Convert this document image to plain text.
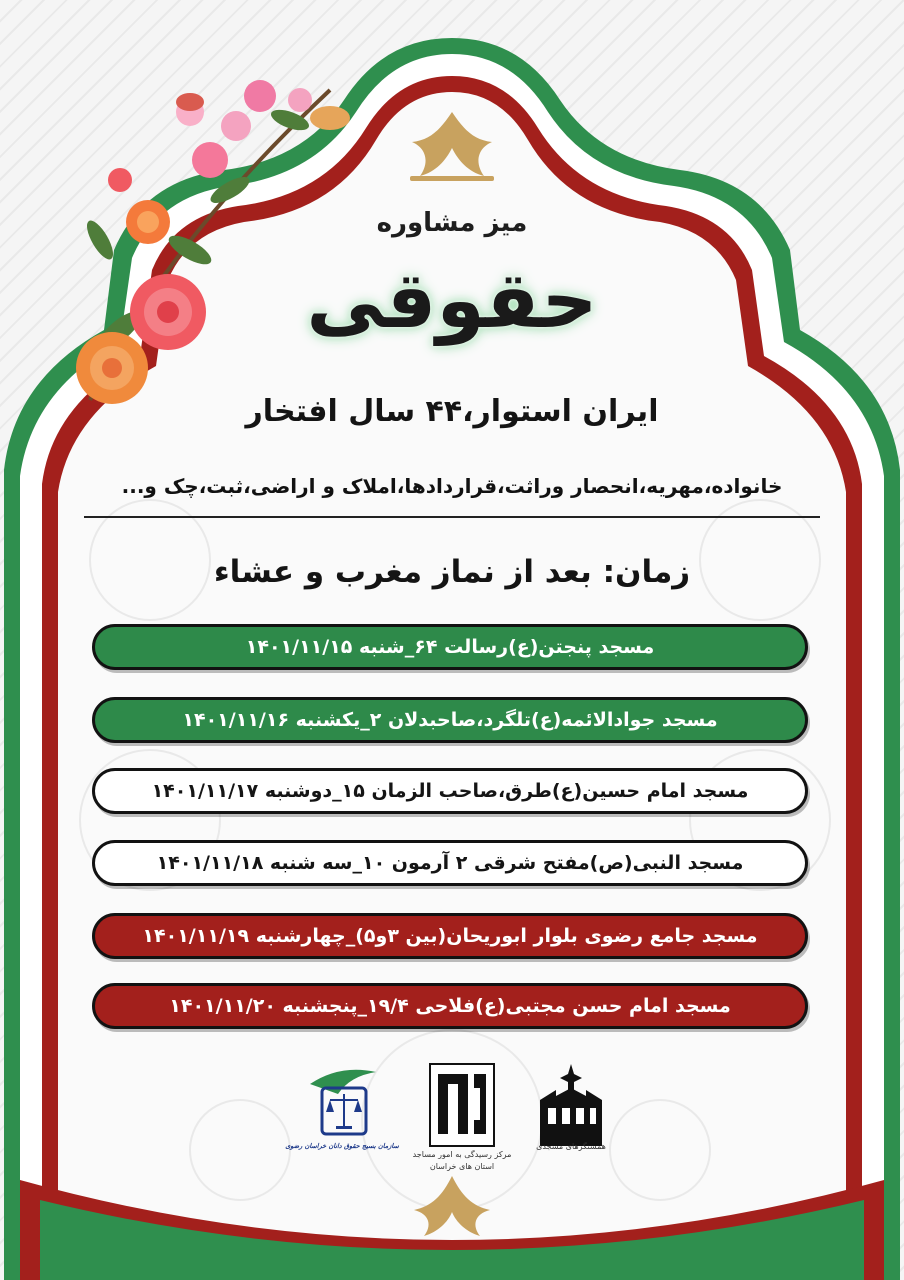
میز مشاوره
حقوقی
ایران استوار،۴۴ سال افتخار
خانواده،مهریه،انحصار وراثت،قراردادها،املاک و اراضی،ثبت،چک و...
زمان: بعد از نماز مغرب و عشاء
مسجد پنجتن(ع)رسالت ۶۴_شنبه ۱۴۰۱/۱۱/۱۵
مسجد جوادالائمه(ع)تلگرد،صاحبدلان ۲_یکشنبه ۱۴۰۱/۱۱/۱۶
مسجد امام حسین(ع)طرق،صاحب الزمان ۱۵_دوشنبه ۱۴۰۱/۱۱/۱۷
مسجد النبی(ص)مفتح شرقی ۲ آرمون ۱۰_سه شنبه ۱۴۰۱/۱۱/۱۸
مسجد جامع رضوی بلوار ابوریحان(بین ۳و۵)_چهارشنبه ۱۴۰۱/۱۱/۱۹
مسجد امام حسن مجتبی(ع)فلاحی ۱۹/۴_پنجشنبه ۱۴۰۱/۱۱/۲۰
همسنگرهای مسجدی
مرکز رسیدگی به امور مساجد
استان های خراسان
سازمان بسیج حقوق دانان خراسان رضوی
